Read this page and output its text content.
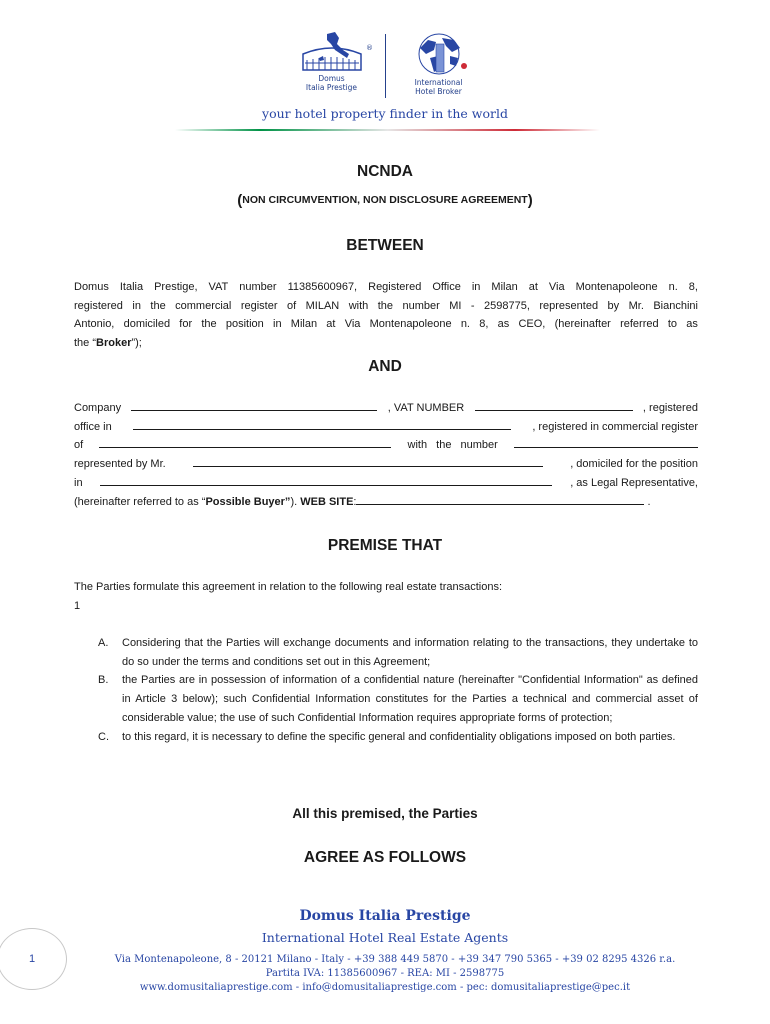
Domus
Italia Prestige
International
Hotel Broker
®
your hotel property finder in the world
NCNDA
(NON CIRCUMVENTION, NON DISCLOSURE AGREEMENT)
BETWEEN
Domus Italia Prestige, VAT number 11385600967, Registered Office in Milan at Via Montenapoleone n. 8,
registered in the commercial register of MILAN with the number MI - 2598775, represented by Mr. Bianchini
Antonio, domiciled for the position in Milan at Via Montenapoleone n. 8, as CEO, (hereinafter referred to as
the “ Broker ”);
AND
Company	, VAT NUMBER	, registered
office in	, registered in commercial register
of	with the number
represented by Mr.	, domiciled for the position
in	, as Legal Representative,
(hereinafter referred to as “ Possible Buyer” ).
WEB SITE :
	.
PREMISE THAT
The Parties formulate this agreement in relation to the following real estate transactions:
1
A.	Considering that the Parties will exchange documents and information relating to the transactions, they undertake to do so under the terms and conditions set out in this Agreement;
B.	the Parties are in possession of information of a confidential nature (hereinafter "Confidential Information" as defined in Article 3 below); such Confidential Information constitutes for the Parties a technical and commercial asset of considerable value; the use of such Confidential Information requires appropriate forms of protection;
C.	to this regard, it is necessary to define the specific general and confidentiality obligations imposed on both parties.
All this premised, the Parties
AGREE AS FOLLOWS
Domus Italia Prestige
International Hotel Real Estate Agents
Via Montenapoleone, 8 - 20121 Milano - Italy - +39 388 449 5870 - +39 347 790 5365 - +39 02 8295 4326 r.a.
Partita IVA: 11385600967 - REA: MI - 2598775
www.domusitaliaprestige.com - info@domusitaliaprestige.com - pec: domusitaliaprestige@pec.it
1
